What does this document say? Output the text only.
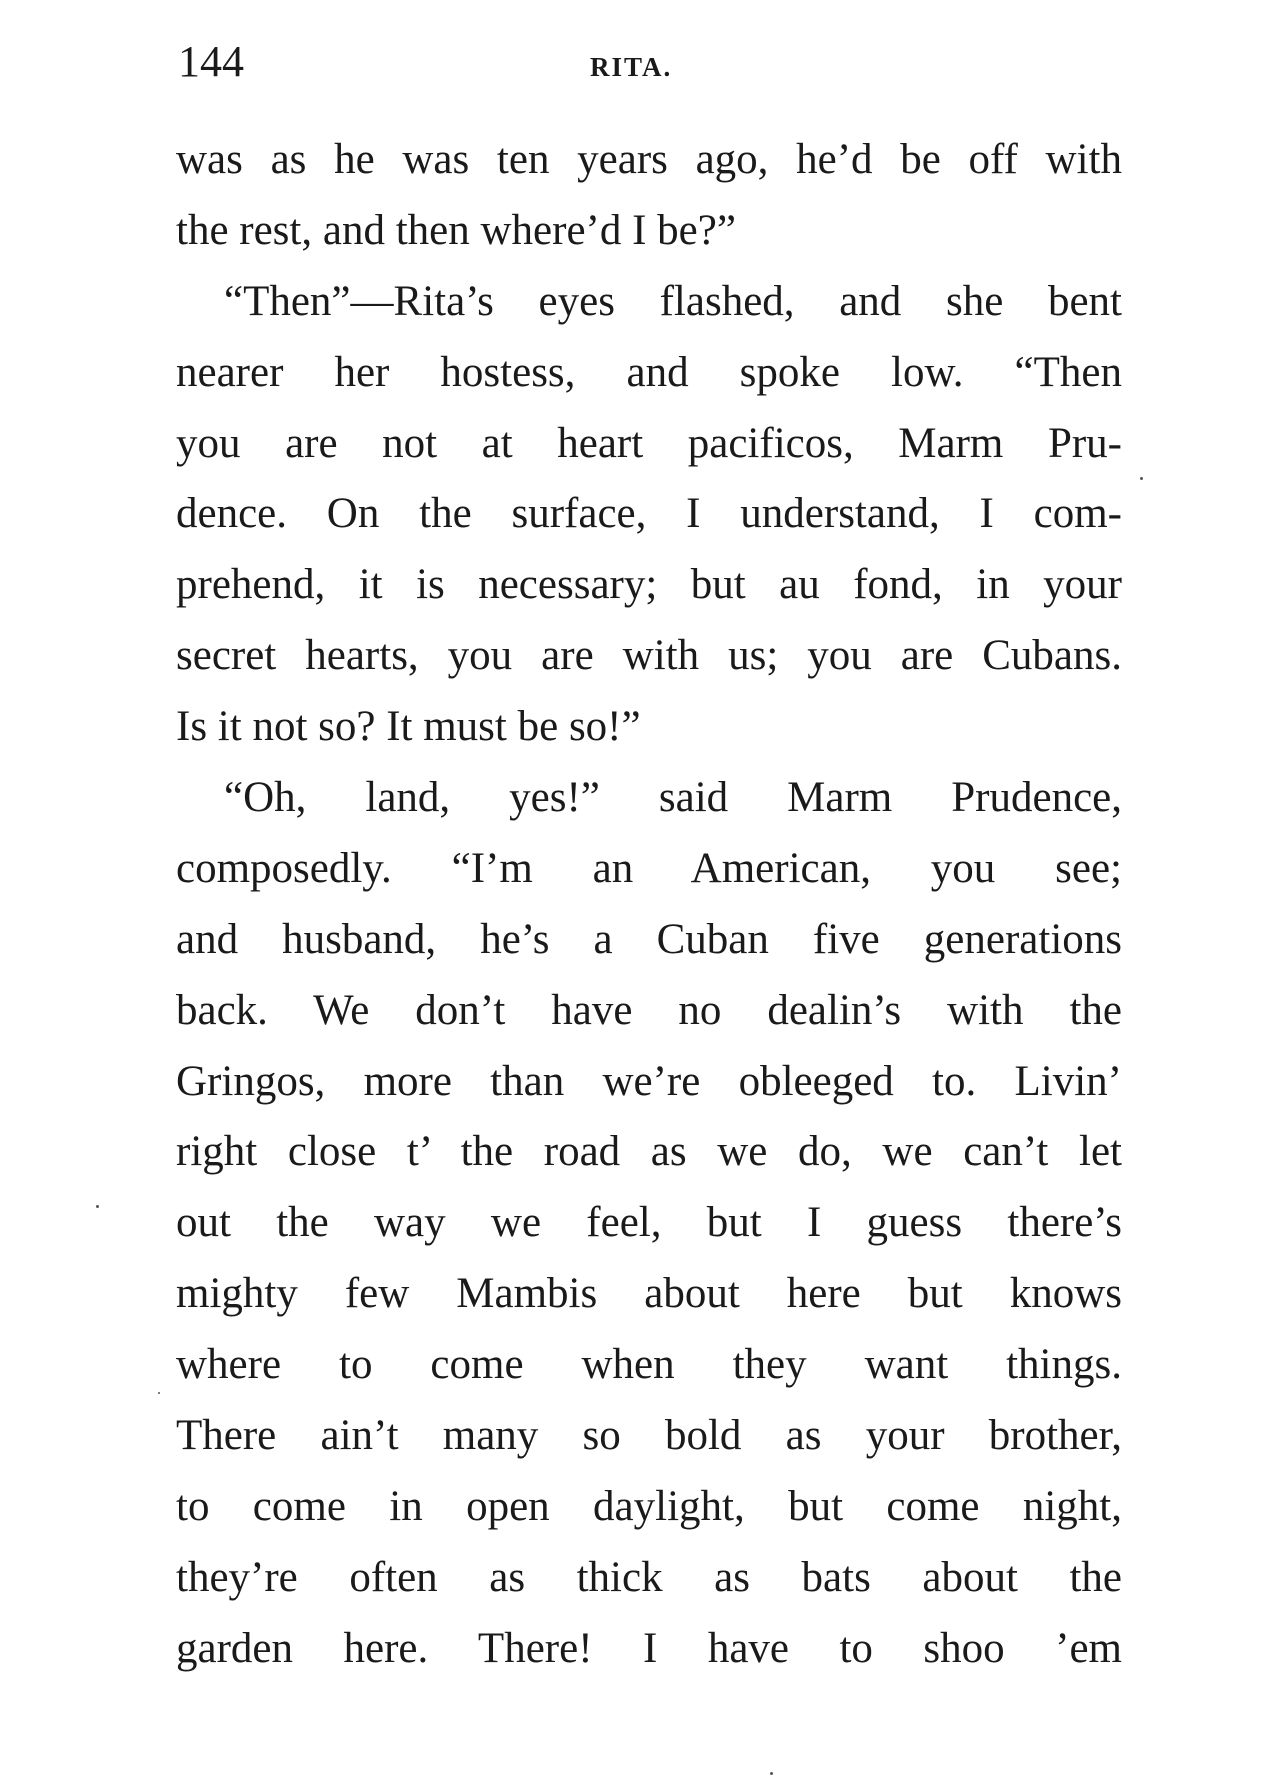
144	RITA.
was as he was ten years ago, he’d be off with
the rest, and then where’d I be?”
“Then”—Rita’s eyes flashed, and she bent
nearer her hostess, and spoke low. “Then
you are not at heart pacificos, Marm Pru-
dence. On the surface, I understand, I com-
prehend, it is necessary; but au fond, in your
secret hearts, you are with us; you are Cubans.
Is it not so? It must be so!”
“Oh, land, yes!” said Marm Prudence,
composedly. “I’m an American, you see;
and husband, he’s a Cuban five generations
back. We don’t have no dealin’s with the
Gringos, more than we’re obleeged to. Livin’
right close t’ the road as we do, we can’t let
out the way we feel, but I guess there’s
mighty few Mambis about here but knows
where to come when they want things.
There ain’t many so bold as your brother,
to come in open daylight, but come night,
they’re often as thick as bats about the
garden here. There! I have to shoo ’em
